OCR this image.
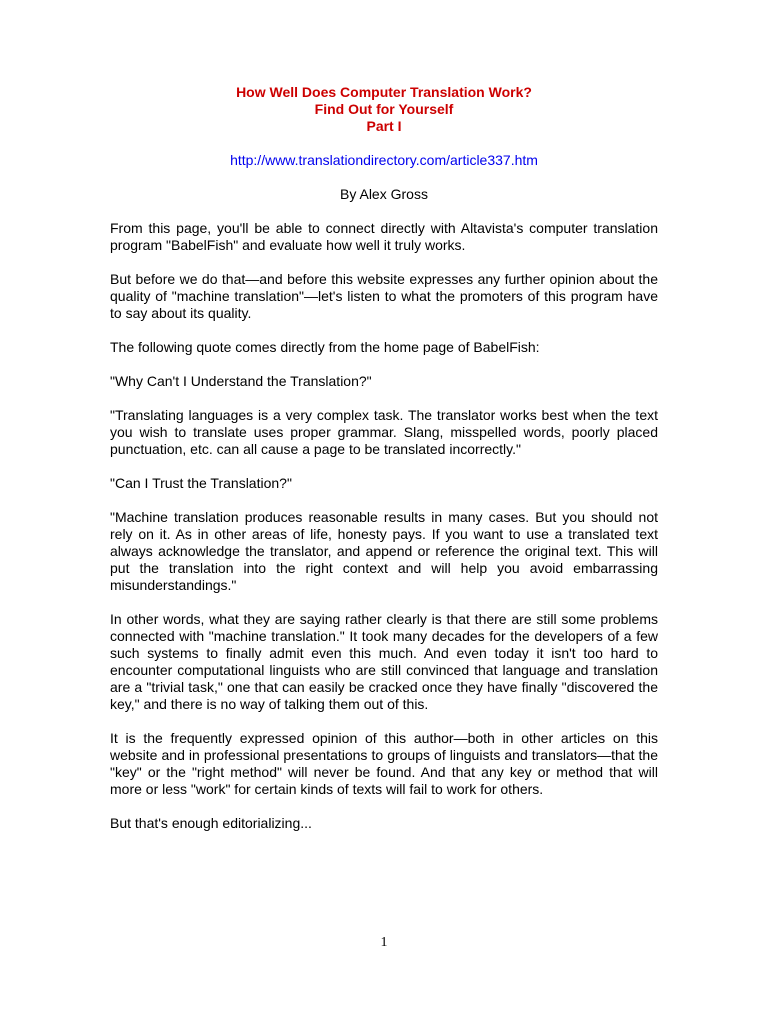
How Well Does Computer Translation Work?
Find Out for Yourself
Part I
http://www.translationdirectory.com/article337.htm
By Alex Gross

From this page, you'll be able to connect directly with Altavista's computer translation program "BabelFish" and evaluate how well it truly works.

But before we do that—and before this website expresses any further opinion about the quality of "machine translation"—let's listen to what the promoters of this program have to say about its quality.

The following quote comes directly from the home page of BabelFish:

"Why Can't I Understand the Translation?"

"Translating languages is a very complex task. The translator works best when the text you wish to translate uses proper grammar. Slang, misspelled words, poorly placed punctuation, etc. can all cause a page to be translated incorrectly."

"Can I Trust the Translation?"

"Machine translation produces reasonable results in many cases. But you should not rely on it. As in other areas of life, honesty pays. If you want to use a translated text always acknowledge the translator, and append or reference the original text. This will put the translation into the right context and will help you avoid embarrassing misunderstandings."

In other words, what they are saying rather clearly is that there are still some problems connected with "machine translation." It took many decades for the developers of a few such systems to finally admit even this much. And even today it isn't too hard to encounter computational linguists who are still convinced that language and translation are a "trivial task," one that can easily be cracked once they have finally "discovered the key," and there is no way of talking them out of this.

It is the frequently expressed opinion of this author—both in other articles on this website and in professional presentations to groups of linguists and translators—that the "key" or the "right method" will never be found. And that any key or method that will more or less "work" for certain kinds of texts will fail to work for others.

But that's enough editorializing...

1
